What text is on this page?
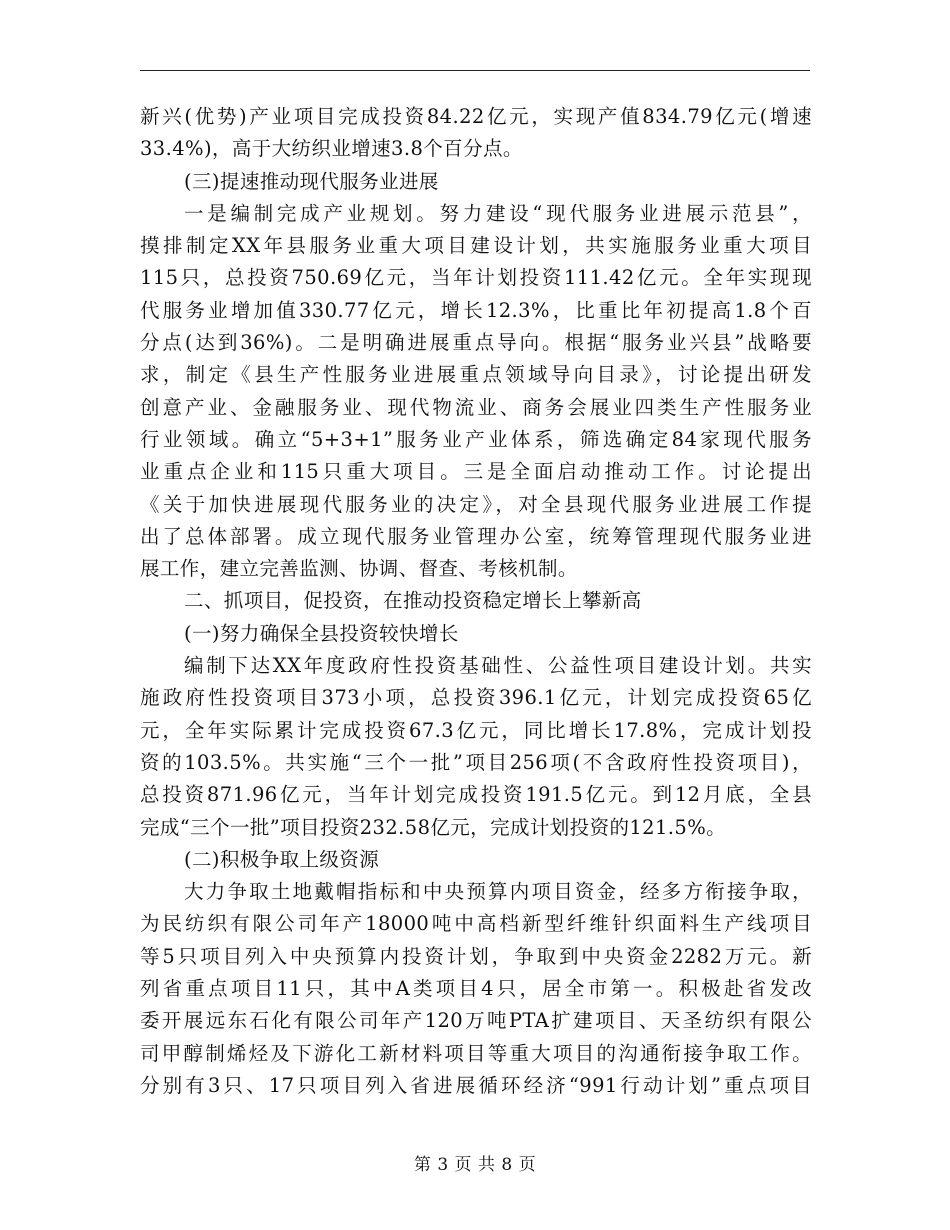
新兴(优势)产业项目完成投资84.22亿元，实现产值834.79亿元(增速
33.4%)，高于大纺织业增速3.8个百分点。
(三)提速推动现代服务业进展
一是编制完成产业规划。努力建设“现代服务业进展示范县”，
摸排制定XX年县服务业重大项目建设计划，共实施服务业重大项目
115只，总投资750.69亿元，当年计划投资111.42亿元。全年实现现
代服务业增加值330.77亿元，增长12.3%，比重比年初提高1.8个百
分点(达到36%)。二是明确进展重点导向。根据“服务业兴县”战略要
求，制定《县生产性服务业进展重点领域导向目录》，讨论提出研发
创意产业、金融服务业、现代物流业、商务会展业四类生产性服务业
行业领域。确立“5+3+1”服务业产业体系，筛选确定84家现代服务
业重点企业和115只重大项目。三是全面启动推动工作。讨论提出
《关于加快进展现代服务业的决定》，对全县现代服务业进展工作提
出了总体部署。成立现代服务业管理办公室，统筹管理现代服务业进
展工作，建立完善监测、协调、督查、考核机制。
二、抓项目，促投资，在推动投资稳定增长上攀新高
(一)努力确保全县投资较快增长
编制下达XX年度政府性投资基础性、公益性项目建设计划。共实
施政府性投资项目373小项，总投资396.1亿元，计划完成投资65亿
元，全年实际累计完成投资67.3亿元，同比增长17.8%，完成计划投
资的103.5%。共实施“三个一批”项目256项(不含政府性投资项目)，
总投资871.96亿元，当年计划完成投资191.5亿元。到12月底，全县
完成“三个一批”项目投资232.58亿元，完成计划投资的121.5%。
(二)积极争取上级资源
大力争取土地戴帽指标和中央预算内项目资金，经多方衔接争取，
为民纺织有限公司年产18000吨中高档新型纤维针织面料生产线项目
等5只项目列入中央预算内投资计划，争取到中央资金2282万元。新
列省重点项目11只，其中A类项目4只，居全市第一。积极赴省发改
委开展远东石化有限公司年产120万吨PTA扩建项目、天圣纺织有限公
司甲醇制烯烃及下游化工新材料项目等重大项目的沟通衔接争取工作。
分别有3只、17只项目列入省进展循环经济“991行动计划”重点项目
第 3 页 共 8 页
